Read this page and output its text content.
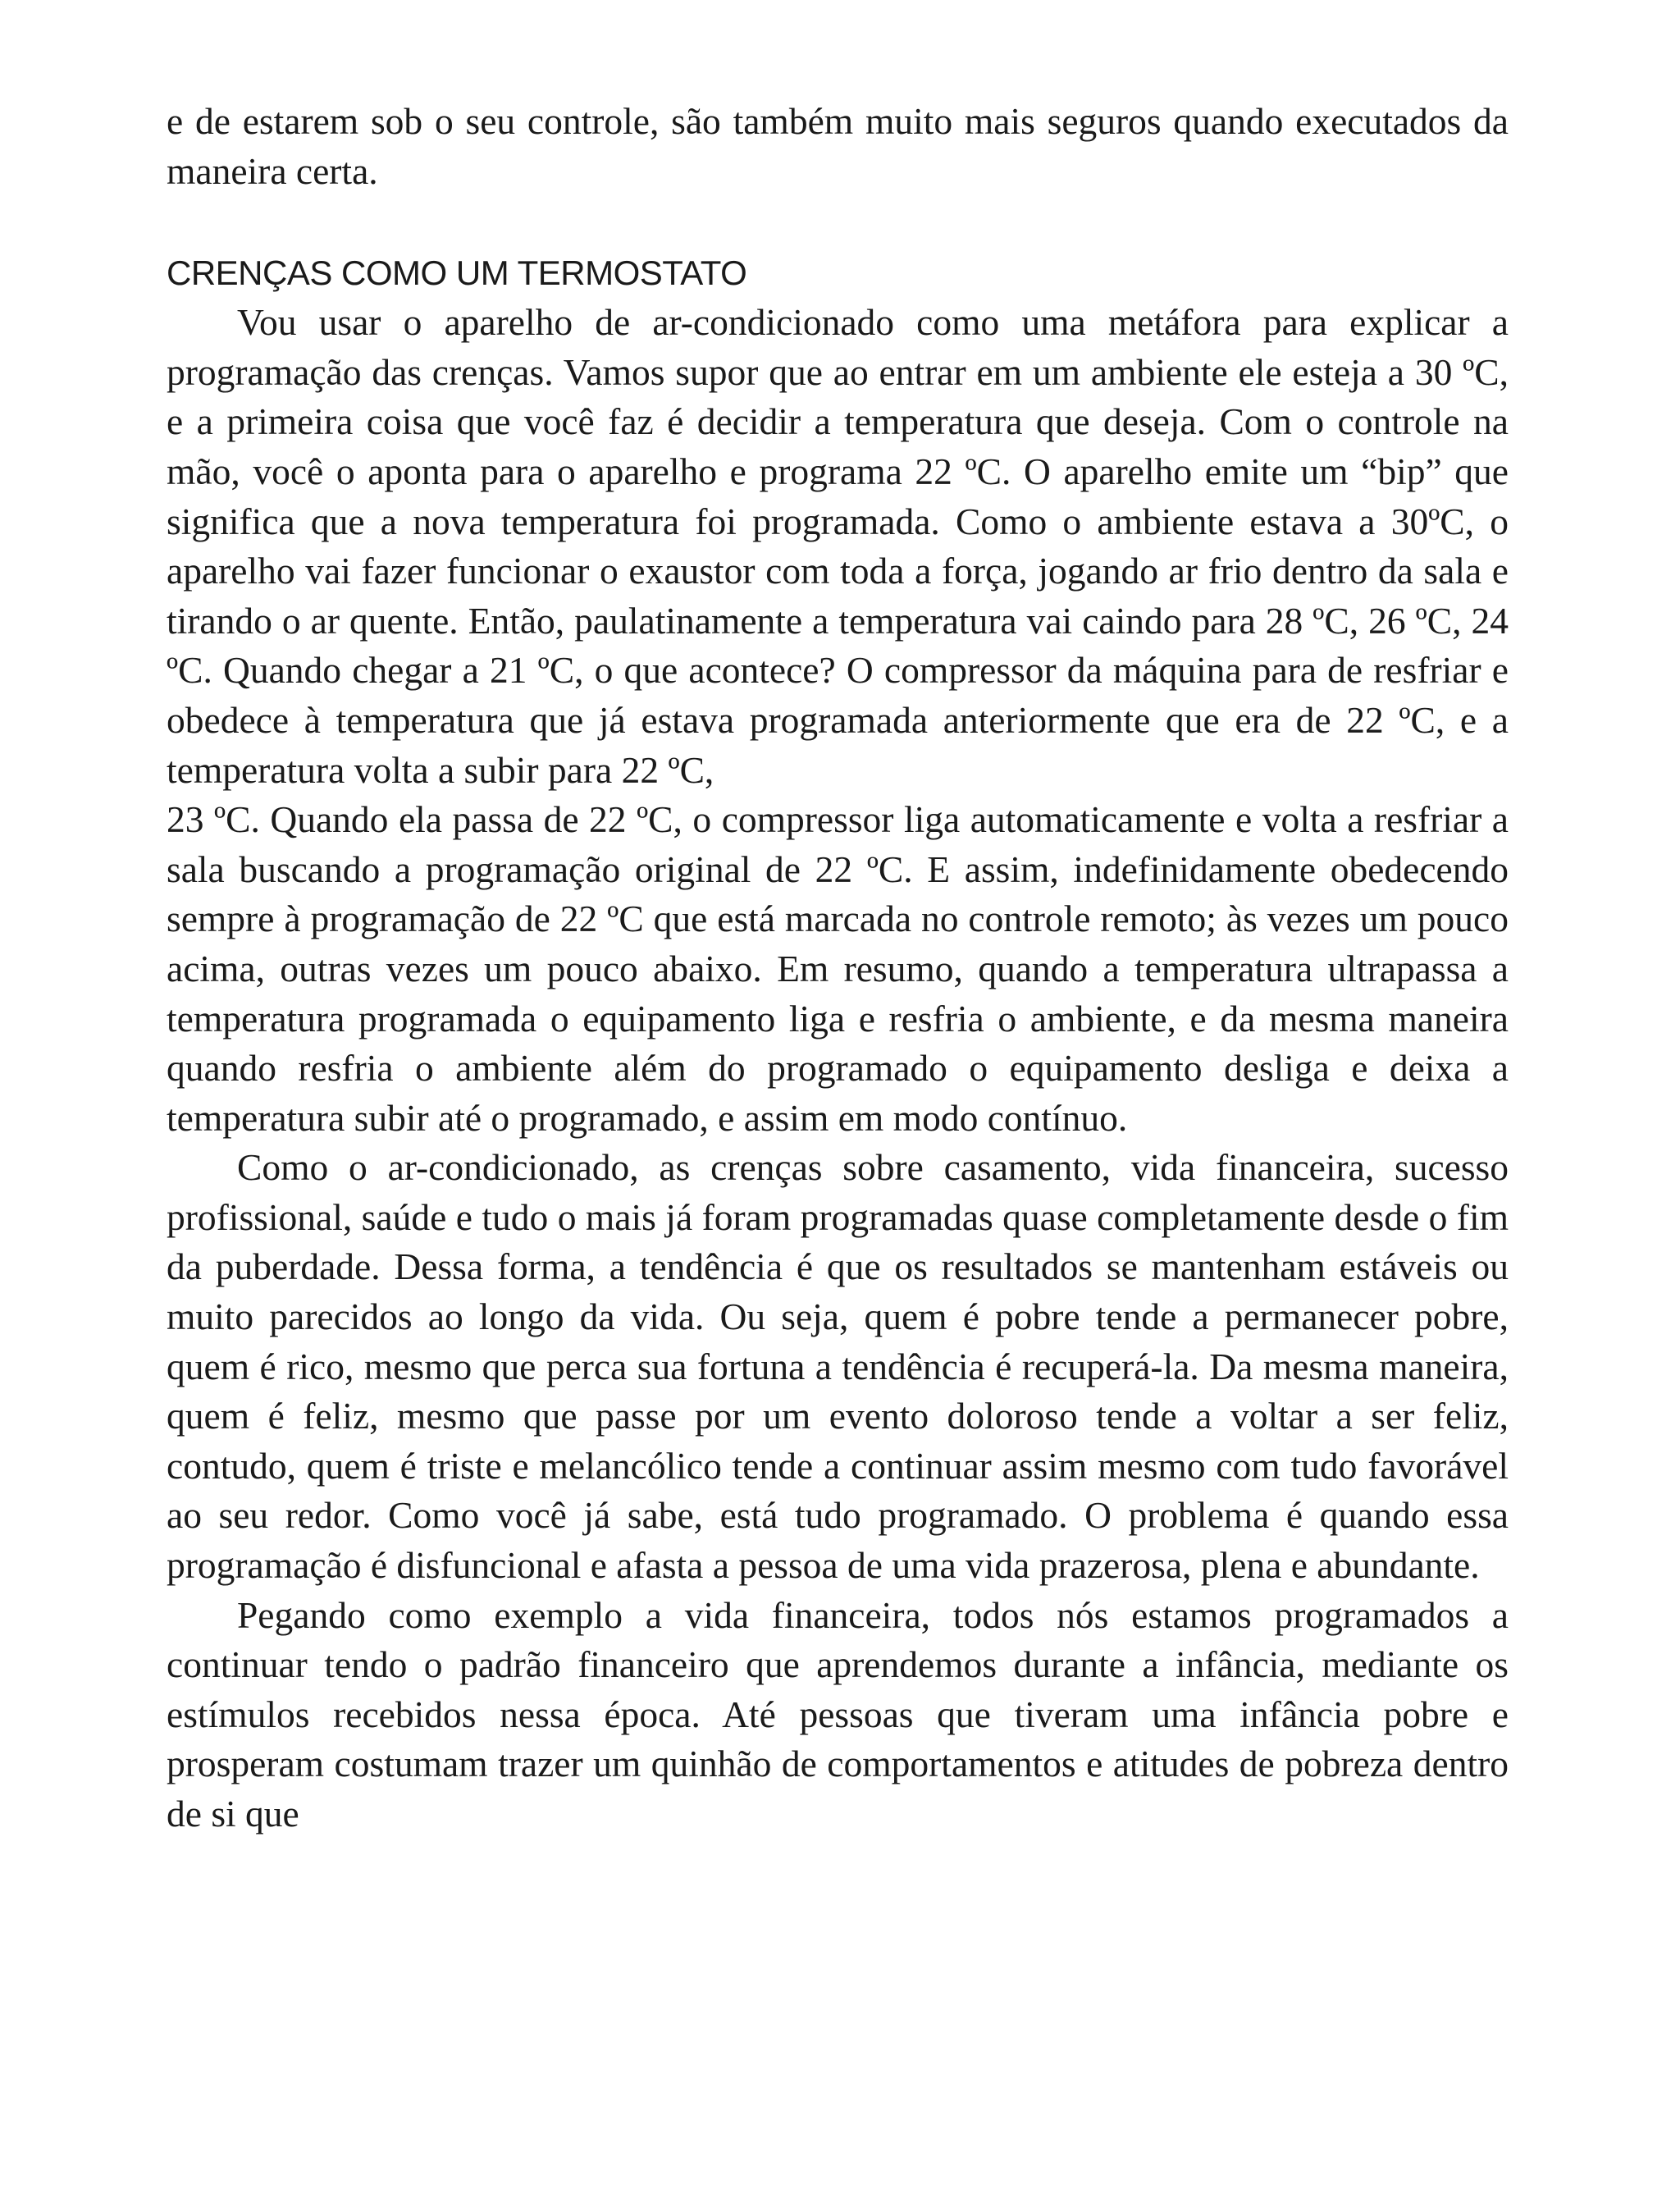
e de estarem sob o seu controle, são também muito mais seguros quando executados da maneira certa.

CRENÇAS COMO UM TERMOSTATO

Vou usar o aparelho de ar-condicionado como uma metáfora para explicar a programação das crenças. Vamos supor que ao entrar em um ambiente ele esteja a 30 ºC, e a primeira coisa que você faz é decidir a temperatura que deseja. Com o controle na mão, você o aponta para o aparelho e programa 22 ºC. O aparelho emite um “bip” que significa que a nova temperatura foi programada. Como o ambiente estava a 30ºC, o aparelho vai fazer funcionar o exaustor com toda a força, jogando ar frio dentro da sala e tirando o ar quente. Então, paulatinamente a temperatura vai caindo para 28 ºC, 26 ºC, 24 ºC. Quando chegar a 21 ºC, o que acontece? O compressor da máquina para de resfriar e obedece à temperatura que já estava programada anteriormente que era de 22 ºC, e a temperatura volta a subir para 22 ºC,

23 ºC. Quando ela passa de 22 ºC, o compressor liga automaticamente e volta a resfriar a sala buscando a programação original de 22 ºC. E assim, indefinidamente obedecendo sempre à programação de 22 ºC que está marcada no controle remoto; às vezes um pouco acima, outras vezes um pouco abaixo. Em resumo, quando a temperatura ultrapassa a temperatura programada o equipamento liga e resfria o ambiente, e da mesma maneira quando resfria o ambiente além do programado o equipamento desliga e deixa a temperatura subir até o programado, e assim em modo contínuo.

Como o ar-condicionado, as crenças sobre casamento, vida financeira, sucesso profissional, saúde e tudo o mais já foram programadas quase completamente desde o fim da puberdade. Dessa forma, a tendência é que os resultados se mantenham estáveis ou muito parecidos ao longo da vida. Ou seja, quem é pobre tende a permanecer pobre, quem é rico, mesmo que perca sua fortuna a tendência é recuperá-la. Da mesma maneira, quem é feliz, mesmo que passe por um evento doloroso tende a voltar a ser feliz, contudo, quem é triste e melancólico tende a continuar assim mesmo com tudo favorável ao seu redor. Como você já sabe, está tudo programado. O problema é quando essa programação é disfuncional e afasta a pessoa de uma vida prazerosa, plena e abundante.

Pegando como exemplo a vida financeira, todos nós estamos programados a continuar tendo o padrão financeiro que aprendemos durante a infância, mediante os estímulos recebidos nessa época. Até pessoas que tiveram uma infância pobre e prosperam costumam trazer um quinhão de comportamentos e atitudes de pobreza dentro de si que
